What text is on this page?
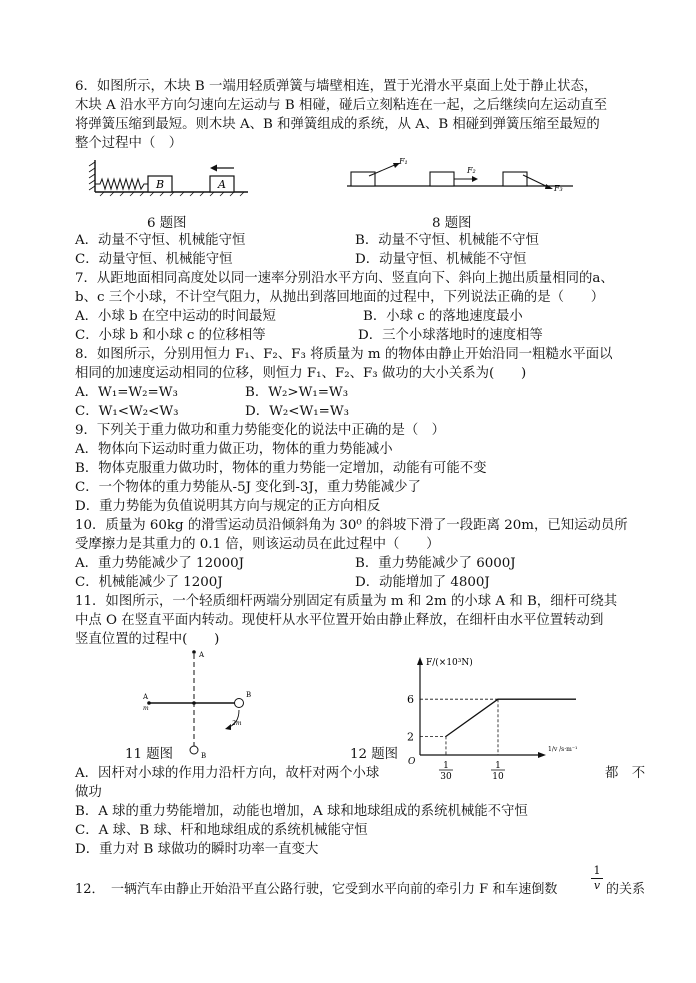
6．如图所示，木块 B 一端用轻质弹簧与墙壁相连，置于光滑水平桌面上处于静止状态，
木块 A 沿水平方向匀速向左运动与 B 相碰，碰后立刻粘连在一起，之后继续向左运动直至
将弹簧压缩到最短。则木块 A、B 和弹簧组成的系统，从 A、B 相碰到弹簧压缩至最短的
整个过程中（　）
B	A
F₁
F₂
F₃
6 题图	8 题图
A．动量不守恒、机械能守恒	B．动量不守恒、机械能不守恒
C．动量守恒、机械能守恒	D．动量守恒、机械能不守恒
7．从距地面相同高度处以同一速率分别沿水平方向、竖直向下、斜向上抛出质量相同的a、
b、c 三个小球，不计空气阻力，从抛出到落回地面的过程中，下列说法正确的是（　　）
A．小球 b 在空中运动的时间最短	B．小球 c 的落地速度最小
C．小球 b 和小球 c 的位移相等	D．三个小球落地时的速度相等
8．如图所示，分别用恒力 F₁、F₂、F₃ 将质量为 m 的物体由静止开始沿同一粗糙水平面以
相同的加速度运动相同的位移，则恒力 F₁、F₂、F₃ 做功的大小关系为(　　)
A．W₁=W₂=W₃	B．W₂>W₁=W₃
C．W₁<W₂<W₃	D．W₂<W₁=W₃
9．下列关于重力做功和重力势能变化的说法中正确的是（　）
A．物体向下运动时重力做正功，物体的重力势能减小
B．物体克服重力做功时，物体的重力势能一定增加，动能有可能不变
C．一个物体的重力势能从-5J 变化到-3J，重力势能减少了
D．重力势能为负值说明其方向与规定的正方向相反
10．质量为 60kg 的滑雪运动员沿倾斜角为 30⁰ 的斜坡下滑了一段距离 20m，已知运动员所
受摩擦力是其重力的 0.1 倍，则该运动员在此过程中（　　）
A．重力势能减少了 12000J	B．重力势能减少了 6000J
C．机械能减少了 1200J	D．动能增加了 4800J
11．如图所示，一个轻质细杆两端分别固定有质量为 m 和 2m 的小球 A 和 B，细杆可绕其
中点 O 在竖直平面内转动。现使杆从水平位置开始由静止释放，在细杆由水平位置转动到
竖直位置的过程中(　　)
A
B
A
m
B
2m
11 题图
F/(×10³N)
O
6
2
1
30
1
10
1/v /s·m⁻¹
12 题图
A．因杆对小球的作用力沿杆方向，故杆对两个小球	都　不
做功
B．A 球的重力势能增加，动能也增加，A 球和地球组成的系统机械能不守恒
C．A 球、B 球、杆和地球组成的系统机械能守恒
D．重力对 B 球做功的瞬时功率一直变大
12．　一辆汽车由静止开始沿平直公路行驶，它受到水平向前的牵引力 F 和车速倒数
1
v 的关系
